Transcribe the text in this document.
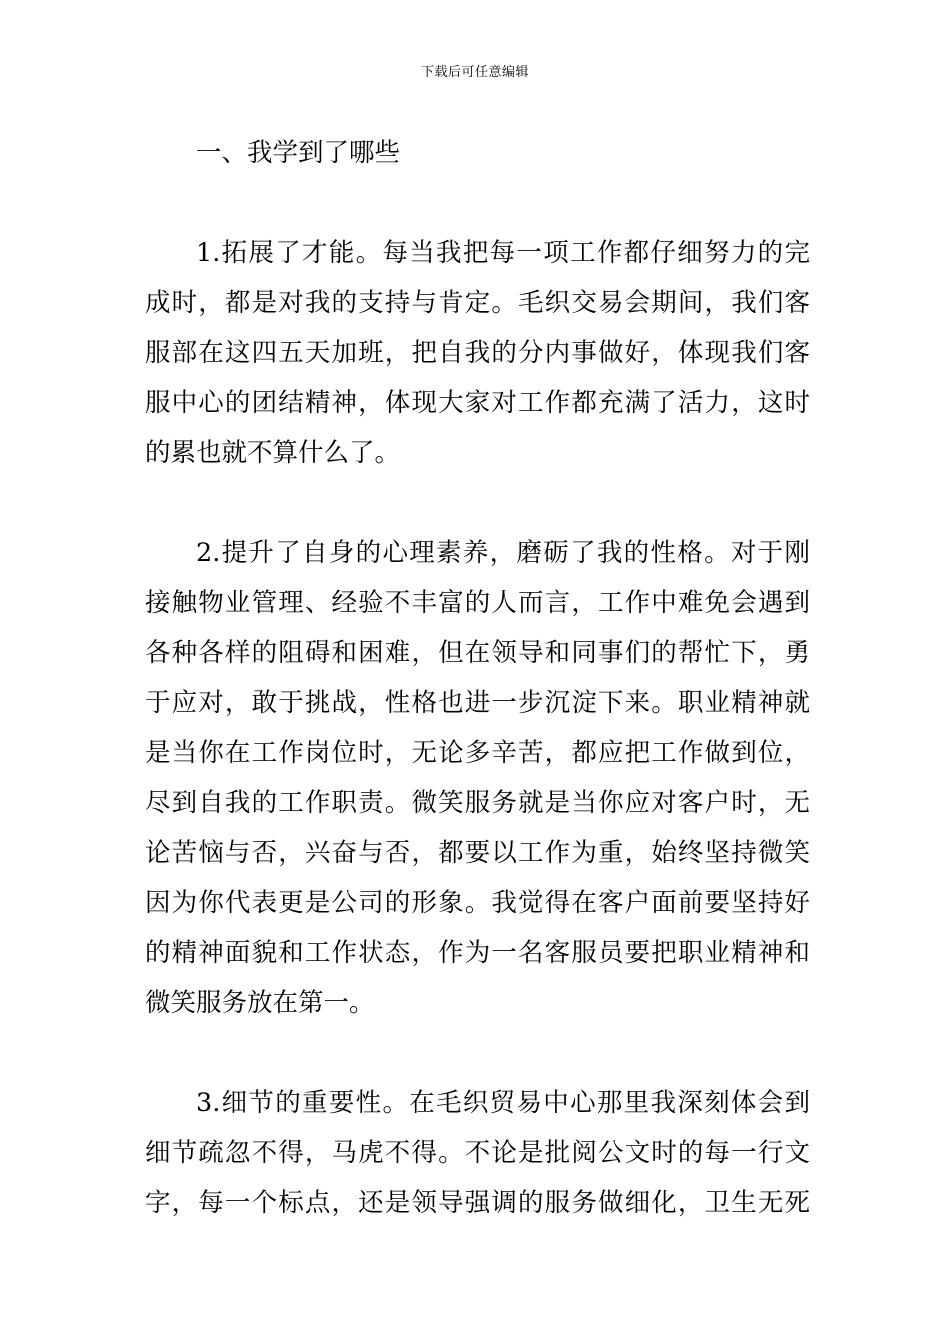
下载后可任意编辑

一、我学到了哪些

1.拓展了才能。每当我把每一项工作都仔细努力的完
成时，都是对我的支持与肯定。毛织交易会期间，我们客
服部在这四五天加班，把自我的分内事做好，体现我们客
服中心的团结精神，体现大家对工作都充满了活力，这时
的累也就不算什么了。
2.提升了自身的心理素养，磨砺了我的性格。对于刚
接触物业管理、经验不丰富的人而言，工作中难免会遇到
各种各样的阻碍和困难，但在领导和同事们的帮忙下，勇
于应对，敢于挑战，性格也进一步沉淀下来。职业精神就
是当你在工作岗位时，无论多辛苦，都应把工作做到位，
尽到自我的工作职责。微笑服务就是当你应对客户时，无
论苦恼与否，兴奋与否，都要以工作为重，始终坚持微笑
因为你代表更是公司的形象。我觉得在客户面前要坚持好
的精神面貌和工作状态，作为一名客服员要把职业精神和
微笑服务放在第一。
3.细节的重要性。在毛织贸易中心那里我深刻体会到
细节疏忽不得，马虎不得。不论是批阅公文时的每一行文
字，每一个标点，还是领导强调的服务做细化，卫生无死
